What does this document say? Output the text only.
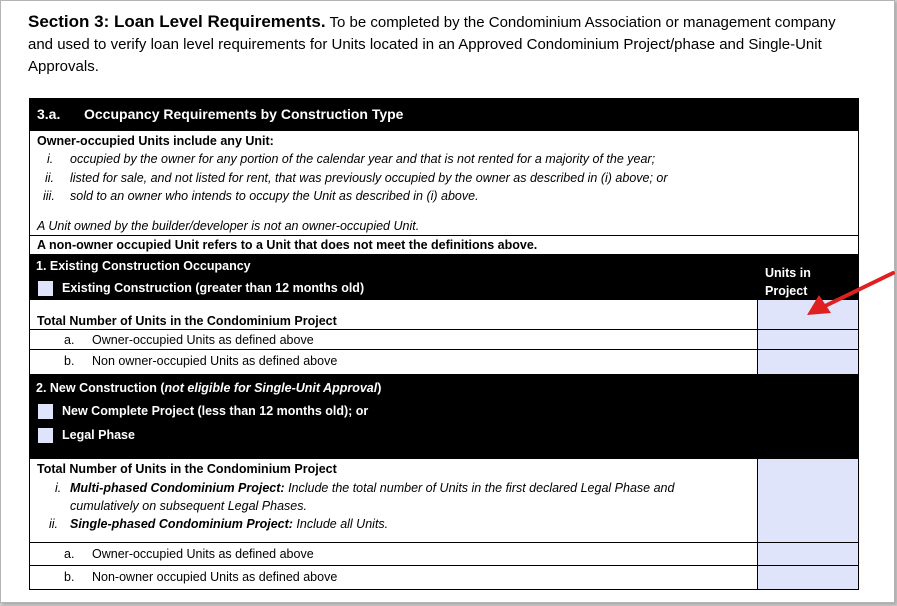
Section 3: Loan Level Requirements. To be completed by the Condominium Association or management company and used to verify loan level requirements for Units located in an Approved Condominium Project/phase and Single-Unit Approvals.
3.a. Occupancy Requirements by Construction Type
Owner-occupied Units include any Unit:
i. occupied by the owner for any portion of the calendar year and that is not rented for a majority of the year;
ii. listed for sale, and not listed for rent, that was previously occupied by the owner as described in (i) above; or
iii. sold to an owner who intends to occupy the Unit as described in (i) above.
A Unit owned by the builder/developer is not an owner-occupied Unit.
A non-owner occupied Unit refers to a Unit that does not meet the definitions above.
1. Existing Construction Occupancy
Existing Construction (greater than 12 months old)
Units in Project
Total Number of Units in the Condominium Project
a. Owner-occupied Units as defined above
b. Non owner-occupied Units as defined above
2. New Construction (not eligible for Single-Unit Approval)
New Complete Project (less than 12 months old); or
Legal Phase
Total Number of Units in the Condominium Project
i. Multi-phased Condominium Project: Include the total number of Units in the first declared Legal Phase and
cumulatively on subsequent Legal Phases.
ii. Single-phased Condominium Project: Include all Units.
a. Owner-occupied Units as defined above
b. Non-owner occupied Units as defined above
